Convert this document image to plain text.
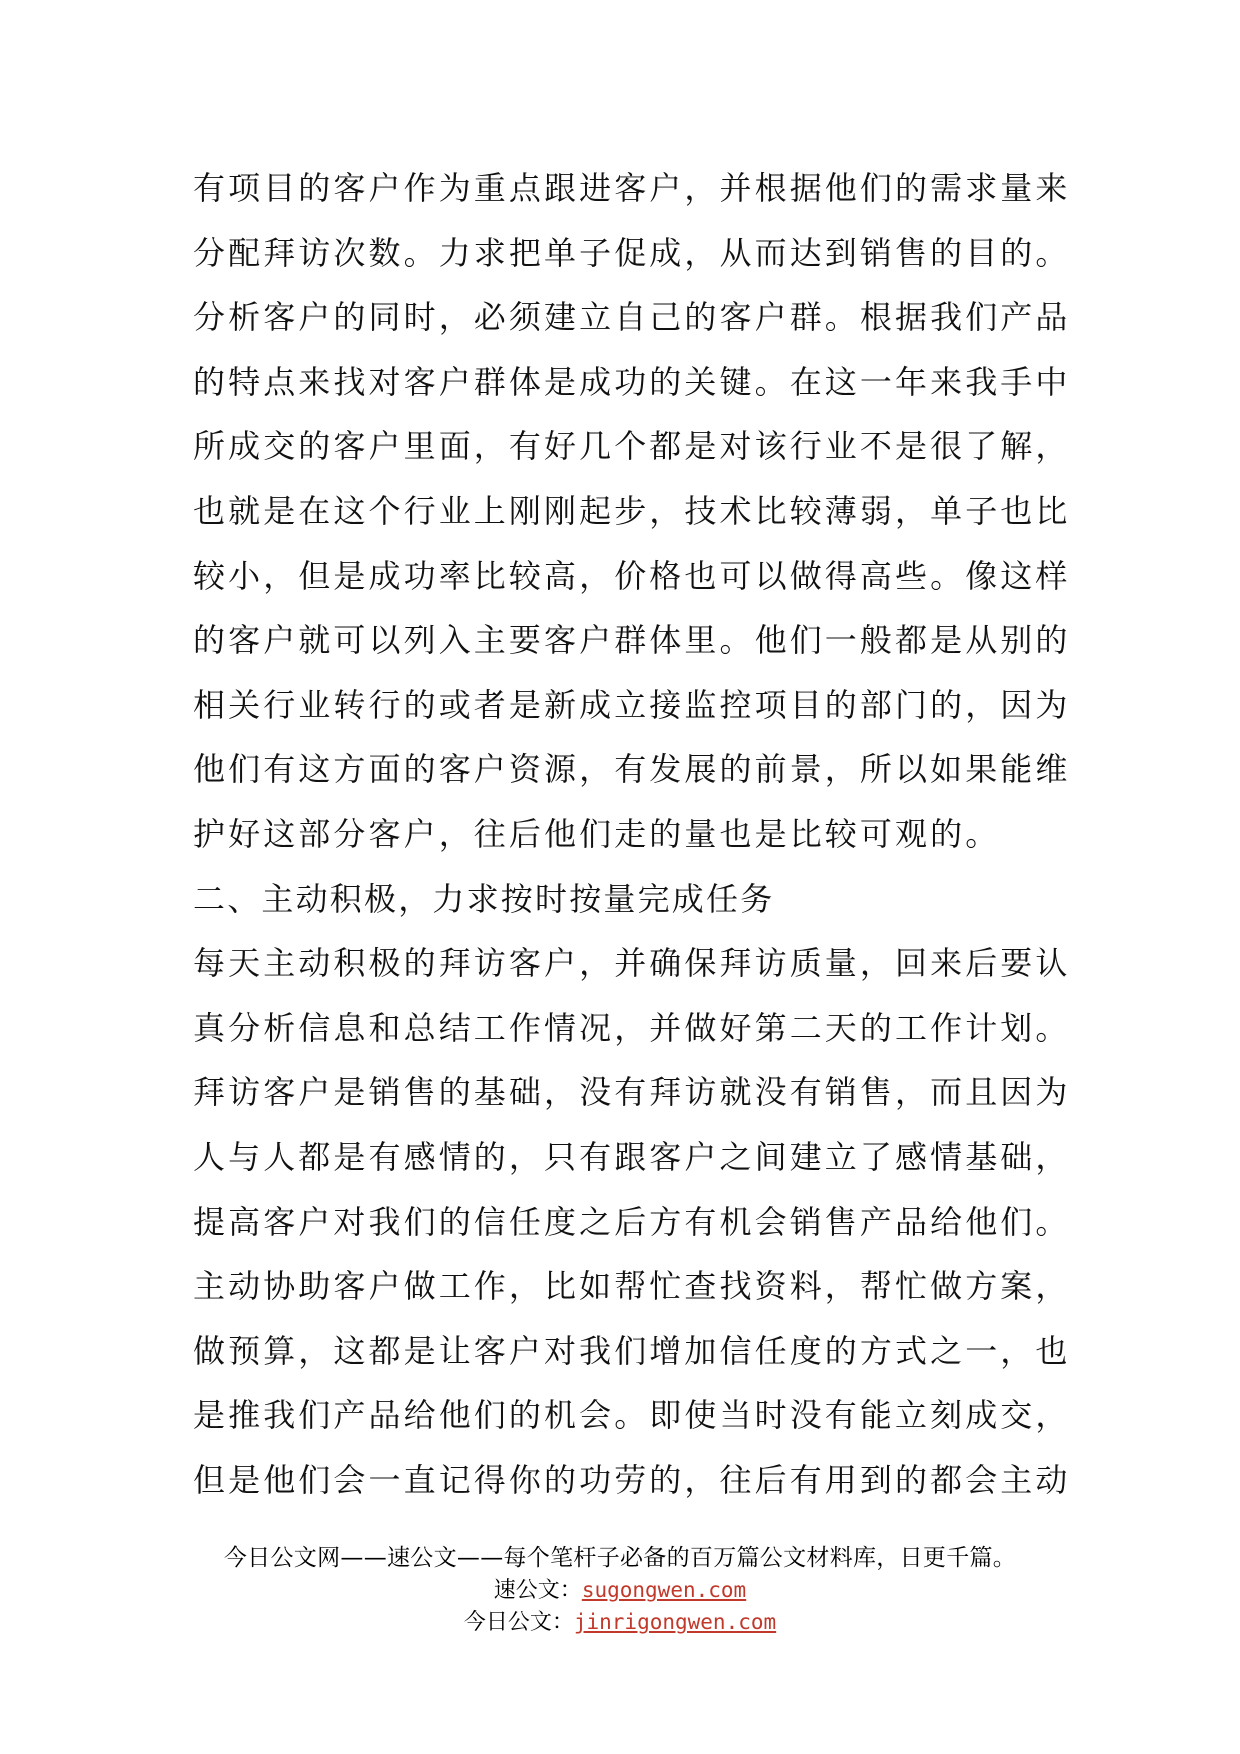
有项目的客户作为重点跟进客户，并根据他们的需求量来
分配拜访次数。力求把单子促成，从而达到销售的目的。
分析客户的同时，必须建立自己的客户群。根据我们产品
的特点来找对客户群体是成功的关键。在这一年来我手中
所成交的客户里面，有好几个都是对该行业不是很了解，
也就是在这个行业上刚刚起步，技术比较薄弱，单子也比
较小，但是成功率比较高，价格也可以做得高些。像这样
的客户就可以列入主要客户群体里。他们一般都是从别的
相关行业转行的或者是新成立接监控项目的部门的，因为
他们有这方面的客户资源，有发展的前景，所以如果能维
护好这部分客户，往后他们走的量也是比较可观的。
二、主动积极，力求按时按量完成任务
每天主动积极的拜访客户，并确保拜访质量，回来后要认
真分析信息和总结工作情况，并做好第二天的工作计划。
拜访客户是销售的基础，没有拜访就没有销售，而且因为
人与人都是有感情的，只有跟客户之间建立了感情基础，
提高客户对我们的信任度之后方有机会销售产品给他们。
主动协助客户做工作，比如帮忙查找资料，帮忙做方案，
做预算，这都是让客户对我们增加信任度的方式之一，也
是推我们产品给他们的机会。即使当时没有能立刻成交，
但是他们会一直记得你的功劳的，往后有用到的都会主动
今日公文网——速公文——每个笔杆子必备的百万篇公文材料库，日更千篇。
速公文：sugongwen.com
今日公文：jinrigongwen.com
